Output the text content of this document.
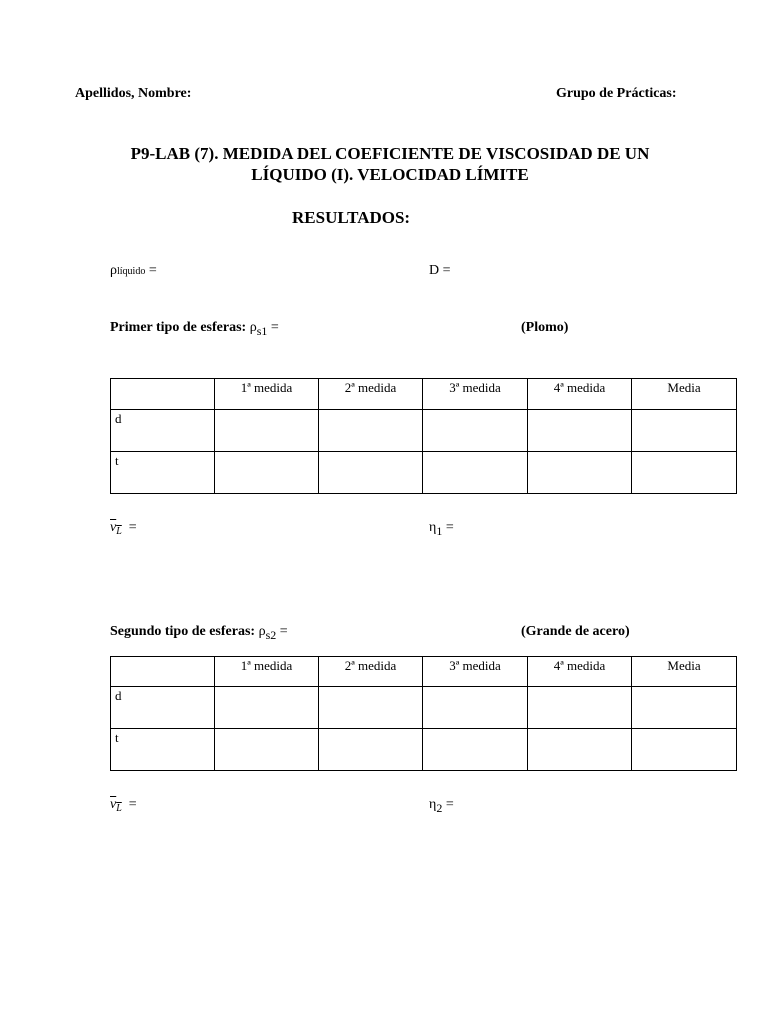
Apellidos, Nombre:	Grupo de Prácticas:
P9-LAB (7). MEDIDA DEL COEFICIENTE DE VISCOSIDAD DE UN
LÍQUIDO (I). VELOCIDAD LÍMITE
RESULTADOS:
ρlíquido =	D =
Primer tipo de esferas: ρs1 =	(Plomo)
	1ª medida	2ª medida	3ª medida	4ª medida	Media
d					
t					
$v_L$ =	η1 =
Segundo tipo de esferas: ρs2 =	(Grande de acero)
	1ª medida	2ª medida	3ª medida	4ª medida	Media
d					
t					
$v_L$ =	η2 =
